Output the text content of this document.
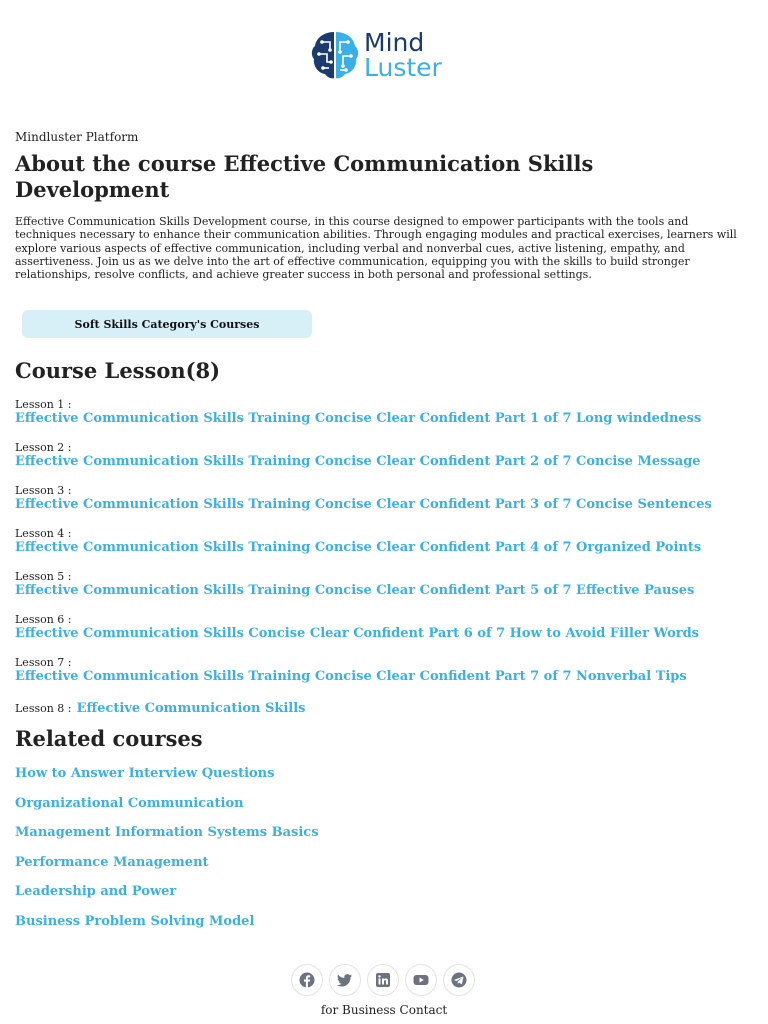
Mind
Luster
Mindluster Platform
About the course Effective Communication Skills Development

Effective Communication Skills Development course, in this course designed to empower participants with the tools and techniques necessary to enhance their communication abilities. Through engaging modules and practical exercises, learners will explore various aspects of effective communication, including verbal and nonverbal cues, active listening, empathy, and assertiveness. Join us as we delve into the art of effective communication, equipping you with the skills to build stronger relationships, resolve conflicts, and achieve greater success in both personal and professional settings.

Soft Skills Category's Courses
Course Lesson(8)
Lesson 1 :
Effective Communication Skills Training Concise Clear Confident Part 1 of 7 Long windedness
Lesson 2 :
Effective Communication Skills Training Concise Clear Confident Part 2 of 7 Concise Message
Lesson 3 :
Effective Communication Skills Training Concise Clear Confident Part 3 of 7 Concise Sentences
Lesson 4 :
Effective Communication Skills Training Concise Clear Confident Part 4 of 7 Organized Points
Lesson 5 :
Effective Communication Skills Training Concise Clear Confident Part 5 of 7 Effective Pauses
Lesson 6 :
Effective Communication Skills Concise Clear Confident Part 6 of 7 How to Avoid Filler Words
Lesson 7 :
Effective Communication Skills Training Concise Clear Confident Part 7 of 7 Nonverbal Tips
Lesson 8 : Effective Communication Skills
Related courses
How to Answer Interview Questions
Organizational Communication
Management Information Systems Basics
Performance Management
Leadership and Power
Business Problem Solving Model
for Business Contact
